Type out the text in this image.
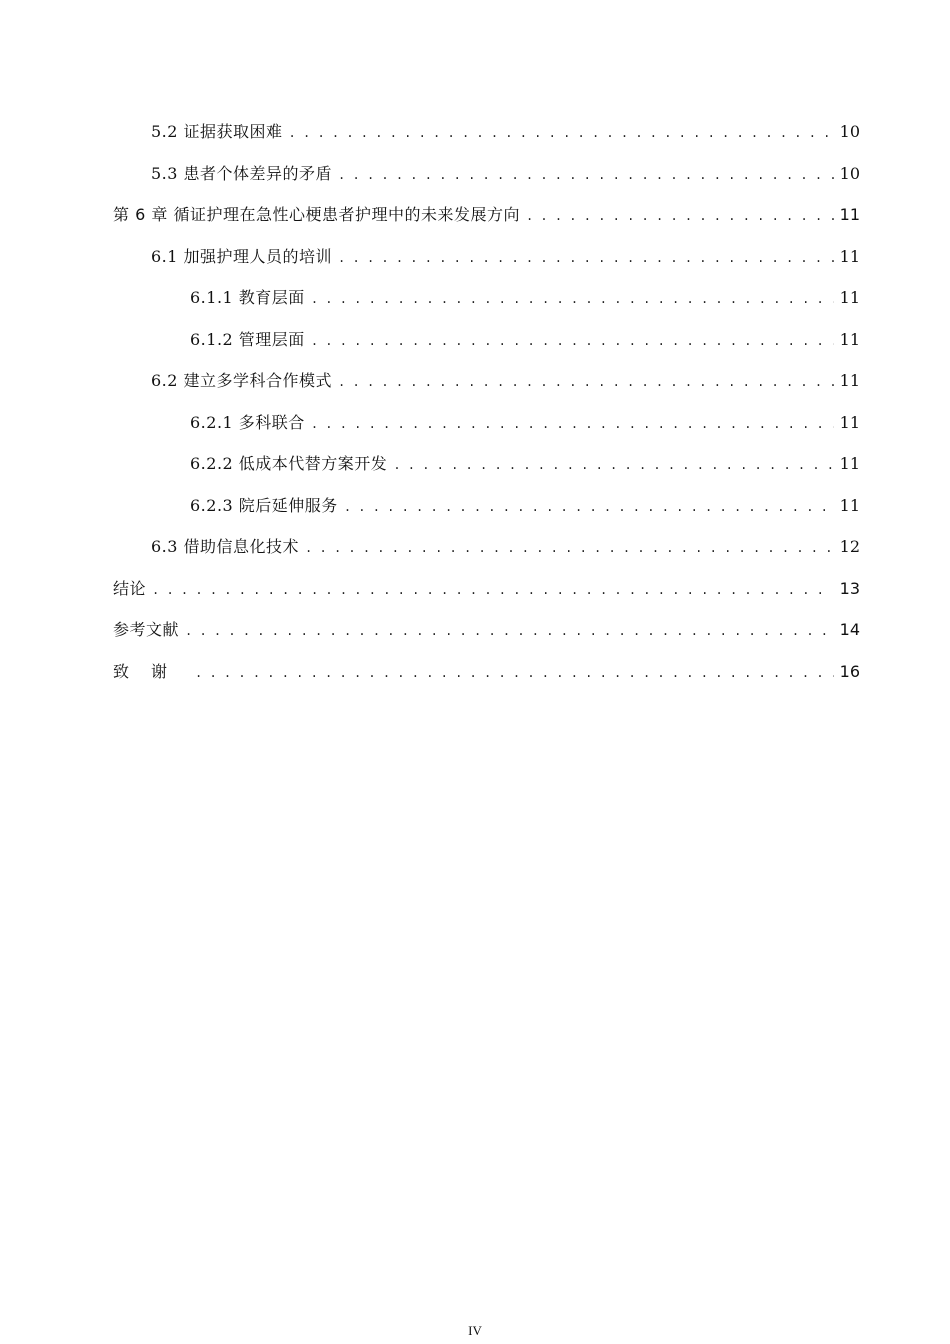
5.2 证据获取困难 . . .	10
5.3 患者个体差异的矛盾 . . .	10
第 6 章 循证护理在急性心梗患者护理中的未来发展方向 . . .	11
6.1 加强护理人员的培训 . . .	11
6.1.1 教育层面 . . .	11
6.1.2 管理层面 . . .	11
6.2 建立多学科合作模式 . . .	11
6.2.1 多科联合 . . .	11
6.2.2 低成本代替方案开发 . . .	11
6.2.3 院后延伸服务 . . .	11
6.3 借助信息化技术 . . .	12
结论 . . .	13
参考文献 . . .	14
致谢 . . .	16
IV
